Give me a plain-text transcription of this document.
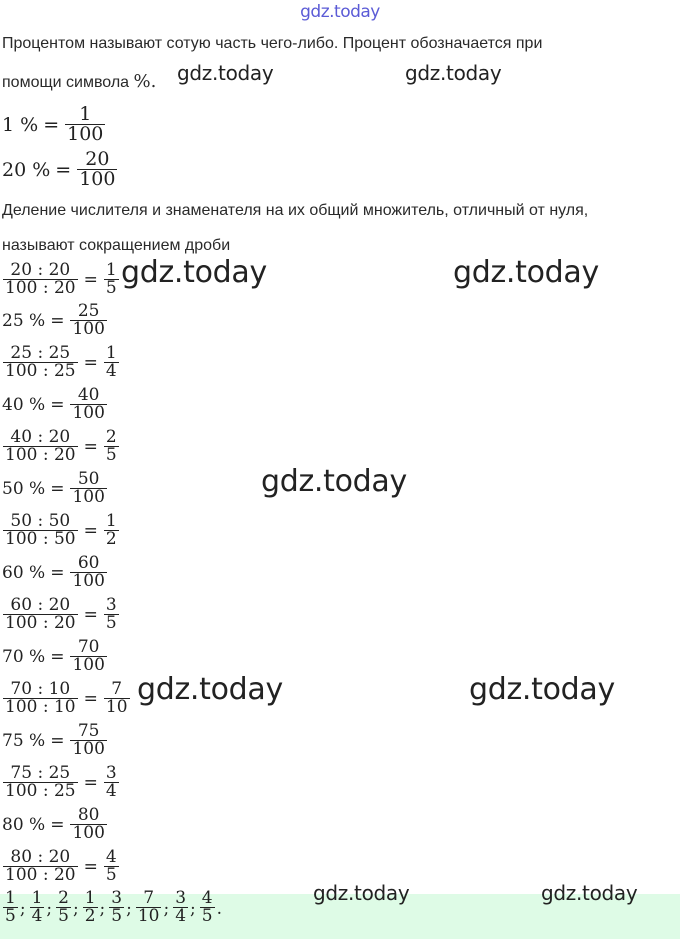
gdz.today
Процентом называют сотую часть чего-либо. Процент обозначается при
помощи символа %.
1 % = $\frac{1}{100}$
20 % = $\frac{20}{100}$
Деление числителя и знаменателя на их общий множитель, отличный от нуля,
называют сокращением дроби
$\frac{20 : 20}{100 : 20} = \frac{1}{5}$
25 % = $\frac{25}{100}$
$\frac{25 : 25}{100 : 25} = \frac{1}{4}$
40 % = $\frac{40}{100}$
$\frac{40 : 20}{100 : 20} = \frac{2}{5}$
50 % = $\frac{50}{100}$
$\frac{50 : 50}{100 : 50} = \frac{1}{2}$
60 % = $\frac{60}{100}$
$\frac{60 : 20}{100 : 20} = \frac{3}{5}$
70 % = $\frac{70}{100}$
$\frac{70 : 10}{100 : 10} = \frac{7}{10}$
75 % = $\frac{75}{100}$
$\frac{75 : 25}{100 : 25} = \frac{3}{4}$
80 % = $\frac{80}{100}$
$\frac{80 : 20}{100 : 20} = \frac{4}{5}$
$\frac{1}{5}$ ; $\frac{1}{4}$ ; $\frac{2}{5}$ ; $\frac{1}{2}$ ; $\frac{3}{5}$ ; $\frac{7}{10}$ ; $\frac{3}{4}$ ; $\frac{4}{5}$ .
gdz.today	gdz.today
gdz.today	gdz.today
gdz.today
gdz.today	gdz.today
gdz.today	gdz.today
